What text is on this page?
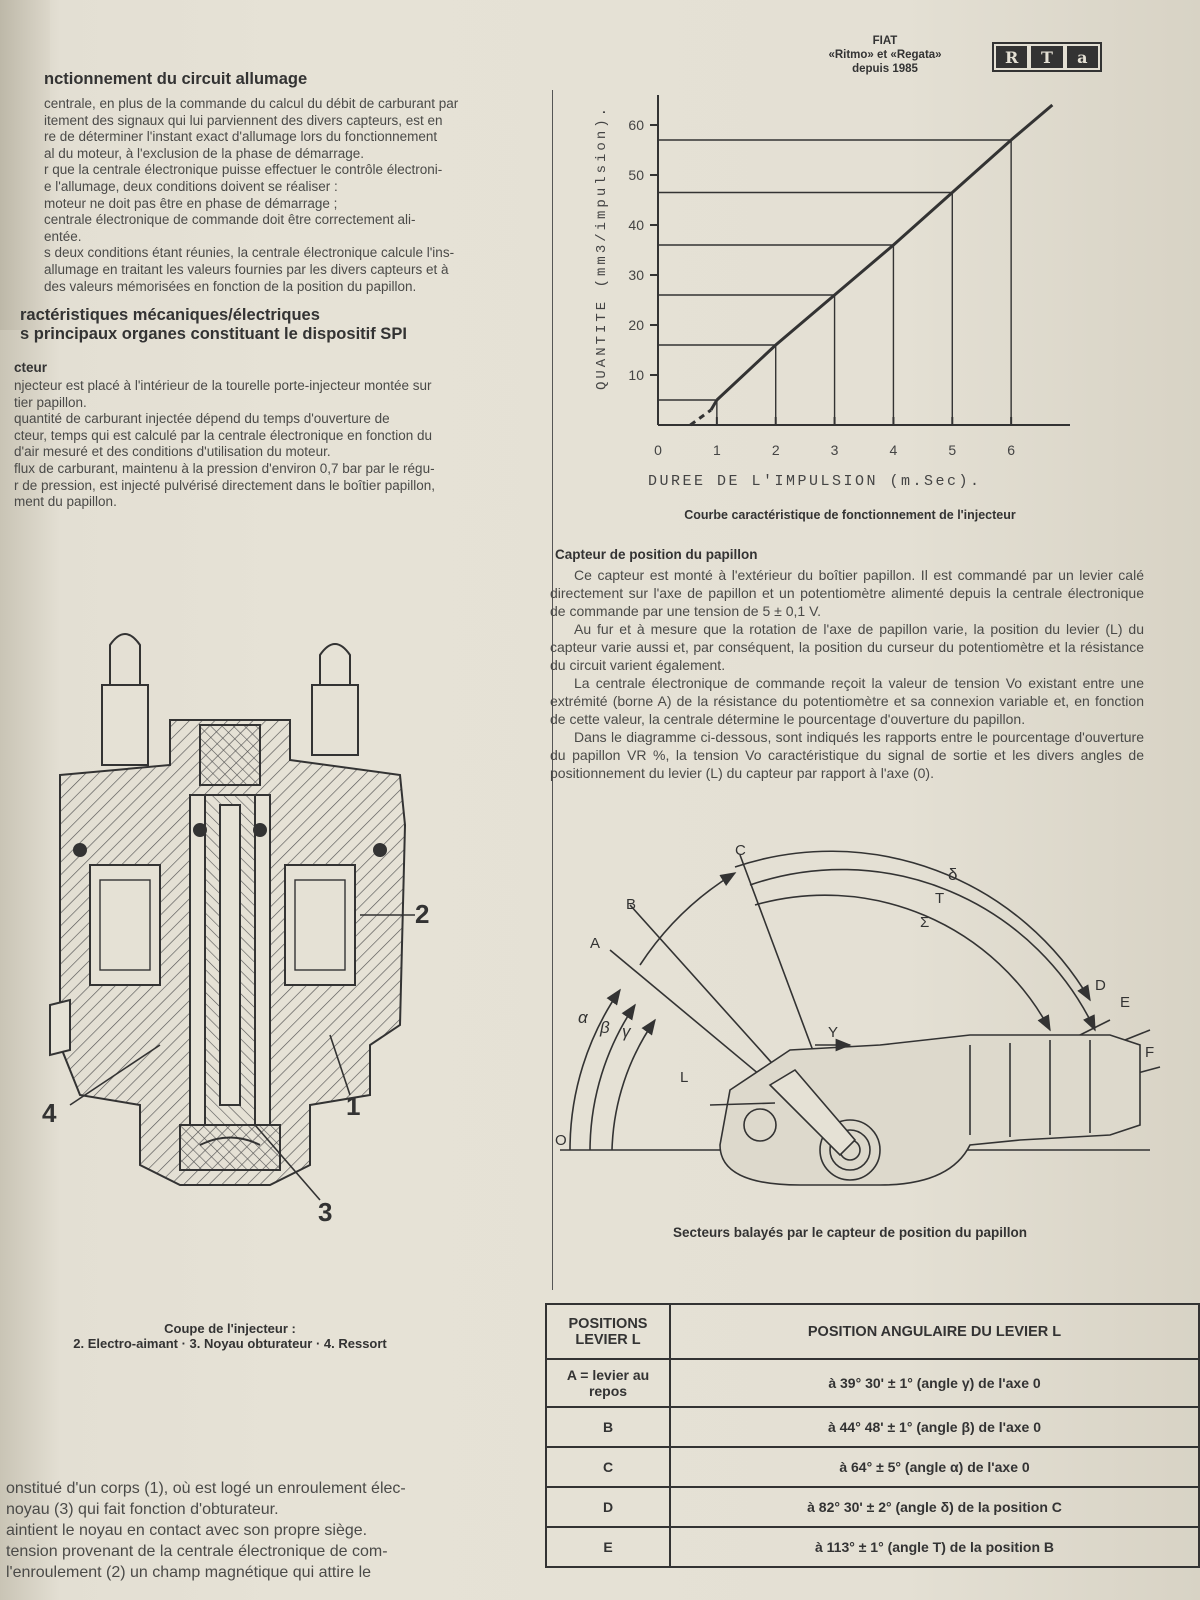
FIAT
«Ritmo» et «Regata»
depuis 1985
R	T	a
nctionnement du circuit allumage
centrale, en plus de la commande du calcul du débit de carburant par
itement des signaux qui lui parviennent des divers capteurs, est en
re de déterminer l'instant exact d'allumage lors du fonctionnement
al du moteur, à l'exclusion de la phase de démarrage.
r que la centrale électronique puisse effectuer le contrôle électroni-
e l'allumage, deux conditions doivent se réaliser :
moteur ne doit pas être en phase de démarrage ;
centrale électronique de commande doit être correctement ali-
entée.
s deux conditions étant réunies, la centrale électronique calcule l'ins-
allumage en traitant les valeurs fournies par les divers capteurs et à
des valeurs mémorisées en fonction de la position du papillon.
ractéristiques mécaniques/électriques
s principaux organes constituant le dispositif SPI
cteur
njecteur est placé à l'intérieur de la tourelle porte-injecteur montée sur
tier papillon.
quantité de carburant injectée dépend du temps d'ouverture de
cteur, temps qui est calculé par la centrale électronique en fonction du
d'air mesuré et des conditions d'utilisation du moteur.
flux de carburant, maintenu à la pression d'environ 0,7 bar par le régu-
r de pression, est injecté pulvérisé directement dans le boîtier papillon,
ment du papillon.
2
1
3
4
Coupe de l'injecteur :
2. Electro-aimant · 3. Noyau obturateur · 4. Ressort
onstitué d'un corps (1), où est logé un enroulement élec-
noyau (3) qui fait fonction d'obturateur.
aintient le noyau en contact avec son propre siège.
tension provenant de la centrale électronique de com-
l'enroulement (2) un champ magnétique qui attire le
10
20
30
40
50
60
0	1	2	3	4	5	6
QUANTITE (mm3/impulsion).
DUREE DE L'IMPULSION (m.Sec).
Courbe caractéristique de fonctionnement de l'injecteur
Capteur de position du papillon

Ce capteur est monté à l'extérieur du boîtier papillon. Il est commandé par un levier calé directement sur l'axe de papillon et un potentiomètre alimenté depuis la centrale électronique de commande par une tension de 5 ± 0,1 V.

Au fur et à mesure que la rotation de l'axe de papillon varie, la position du levier (L) du capteur varie aussi et, par conséquent, la position du curseur du potentiomètre et la résistance du circuit varient également.

La centrale électronique de commande reçoit la valeur de tension Vo existant entre une extrémité (borne A) de la résistance du potentiomètre et sa connexion variable et, en fonction de cette valeur, la centrale détermine le pourcentage d'ouverture du papillon.

Dans le diagramme ci-dessous, sont indiqués les rapports entre le pourcentage d'ouverture du papillon VR %, la tension Vo caractéristique du signal de sortie et les divers angles de positionnement du levier (L) du capteur par rapport à l'axe (0).

C
B
A
D
E
F
L
O
Y
α
β γ
δ
T
Σ
Secteurs balayés par le capteur de position du papillon
POSITIONS LEVIER L	POSITION ANGULAIRE DU LEVIER L
A = levier au repos	à 39° 30' ± 1° (angle γ) de l'axe 0
B	à 44° 48' ± 1° (angle β) de l'axe 0
C	à 64° ± 5° (angle α) de l'axe 0
D	à 82° 30' ± 2° (angle δ) de la position C
E	à 113° ± 1° (angle T) de la position B
